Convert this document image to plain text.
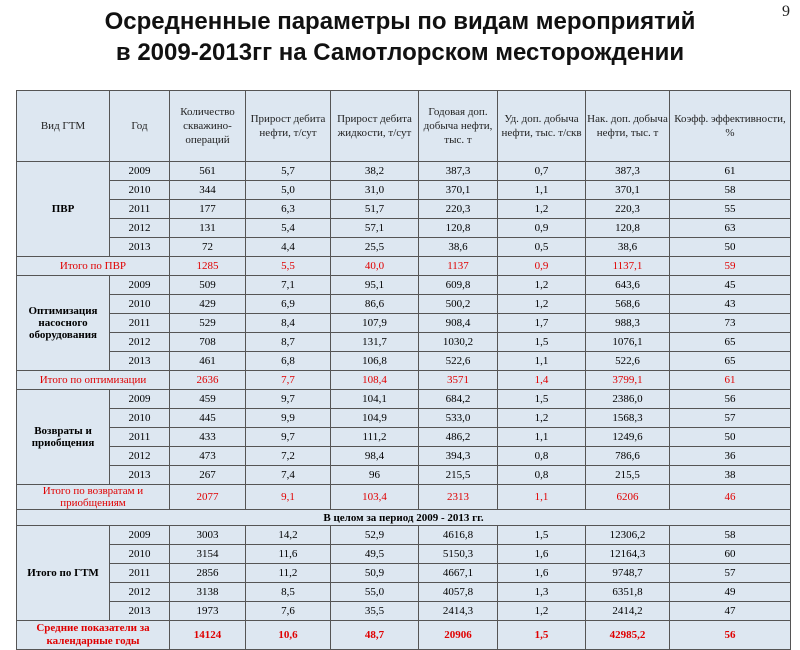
9
Осредненные параметры по видам мероприятий
в 2009-2013гг на Самотлорском месторождении
Вид ГТМ	Год	Количество скважино-операций	Прирост дебита нефти, т/сут	Прирост дебита жидкости, т/сут	Годовая доп. добыча нефти, тыс. т	Уд. доп. добыча нефти, тыс. т/скв	Нак. доп. добыча нефти, тыс. т	Коэфф. эффективности, %
ПВР	2009	561	5,7	38,2	387,3	0,7	387,3	61
	2010	344	5,0	31,0	370,1	1,1	370,1	58
	2011	177	6,3	51,7	220,3	1,2	220,3	55
	2012	131	5,4	57,1	120,8	0,9	120,8	63
	2013	72	4,4	25,5	38,6	0,5	38,6	50
Итого по ПВР		1285	5,5	40,0	1137	0,9	1137,1	59
Оптимизация насосного оборудования	2009	509	7,1	95,1	609,8	1,2	643,6	45
	2010	429	6,9	86,6	500,2	1,2	568,6	43
	2011	529	8,4	107,9	908,4	1,7	988,3	73
	2012	708	8,7	131,7	1030,2	1,5	1076,1	65
	2013	461	6,8	106,8	522,6	1,1	522,6	65
Итого по оптимизации		2636	7,7	108,4	3571	1,4	3799,1	61
Возвраты и приобщения	2009	459	9,7	104,1	684,2	1,5	2386,0	56
	2010	445	9,9	104,9	533,0	1,2	1568,3	57
	2011	433	9,7	111,2	486,2	1,1	1249,6	50
	2012	473	7,2	98,4	394,3	0,8	786,6	36
	2013	267	7,4	96	215,5	0,8	215,5	38
Итого по возвратам и приобщениям		2077	9,1	103,4	2313	1,1	6206	46
В целом за период 2009 - 2013 гг.								
Итого по ГТМ	2009	3003	14,2	52,9	4616,8	1,5	12306,2	58
	2010	3154	11,6	49,5	5150,3	1,6	12164,3	60
	2011	2856	11,2	50,9	4667,1	1,6	9748,7	57
	2012	3138	8,5	55,0	4057,8	1,3	6351,8	49
	2013	1973	7,6	35,5	2414,3	1,2	2414,2	47
Средние показатели за календарные годы		14124	10,6	48,7	20906	1,5	42985,2	56
